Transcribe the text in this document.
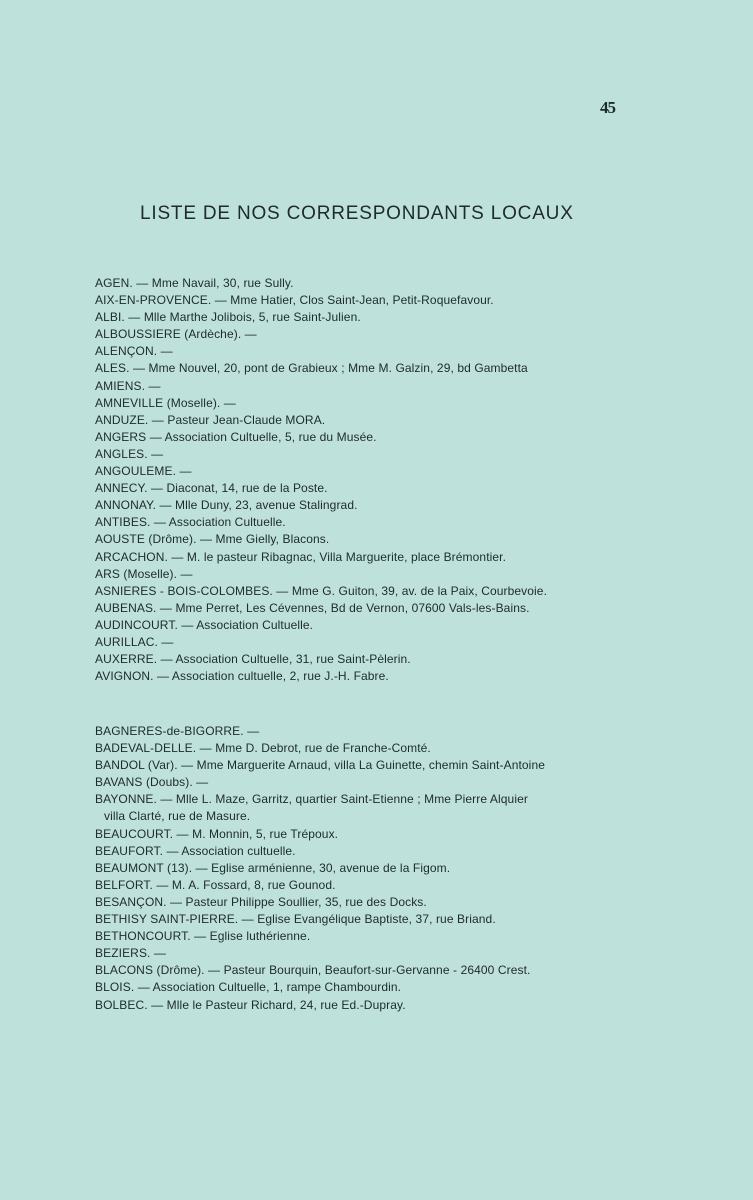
45
LISTE DE NOS CORRESPONDANTS LOCAUX
AGEN. — Mme Navail, 30, rue Sully.
AIX-EN-PROVENCE. — Mme Hatier, Clos Saint-Jean, Petit-Roquefavour.
ALBI. — Mlle Marthe Jolibois, 5, rue Saint-Julien.
ALBOUSSIERE (Ardèche). —
ALENÇON. —
ALES. — Mme Nouvel, 20, pont de Grabieux ; Mme M. Galzin, 29, bd Gambetta
AMIENS. —
AMNEVILLE (Moselle). —
ANDUZE. — Pasteur Jean-Claude MORA.
ANGERS — Association Cultuelle, 5, rue du Musée.
ANGLES. —
ANGOULEME. —
ANNECY. — Diaconat, 14, rue de la Poste.
ANNONAY. — Mlle Duny, 23, avenue Stalingrad.
ANTIBES. — Association Cultuelle.
AOUSTE (Drôme). — Mme Gielly, Blacons.
ARCACHON. — M. le pasteur Ribagnac, Villa Marguerite, place Brémontier.
ARS (Moselle). —
ASNIERES - BOIS-COLOMBES. — Mme G. Guiton, 39, av. de la Paix, Courbevoie.
AUBENAS. — Mme Perret, Les Cévennes, Bd de Vernon, 07600 Vals-les-Bains.
AUDINCOURT. — Association Cultuelle.
AURILLAC. —
AUXERRE. — Association Cultuelle, 31, rue Saint-Pèlerin.
AVIGNON. — Association cultuelle, 2, rue J.-H. Fabre.
BAGNERES-de-BIGORRE. —
BADEVAL-DELLE. — Mme D. Debrot, rue de Franche-Comté.
BANDOL (Var). — Mme Marguerite Arnaud, villa La Guinette, chemin Saint-Antoine
BAVANS (Doubs). —
BAYONNE. — Mlle L. Maze, Garritz, quartier Saint-Etienne ; Mme Pierre Alquier
villa Clarté, rue de Masure.
BEAUCOURT. — M. Monnin, 5, rue Trépoux.
BEAUFORT. — Association cultuelle.
BEAUMONT (13). — Eglise arménienne, 30, avenue de la Figom.
BELFORT. — M. A. Fossard, 8, rue Gounod.
BESANÇON. — Pasteur Philippe Soullier, 35, rue des Docks.
BETHISY SAINT-PIERRE. — Eglise Evangélique Baptiste, 37, rue Briand.
BETHONCOURT. — Eglise luthérienne.
BEZIERS. —
BLACONS (Drôme). — Pasteur Bourquin, Beaufort-sur-Gervanne - 26400 Crest.
BLOIS. — Association Cultuelle, 1, rampe Chambourdin.
BOLBEC. — Mlle le Pasteur Richard, 24, rue Ed.-Dupray.
